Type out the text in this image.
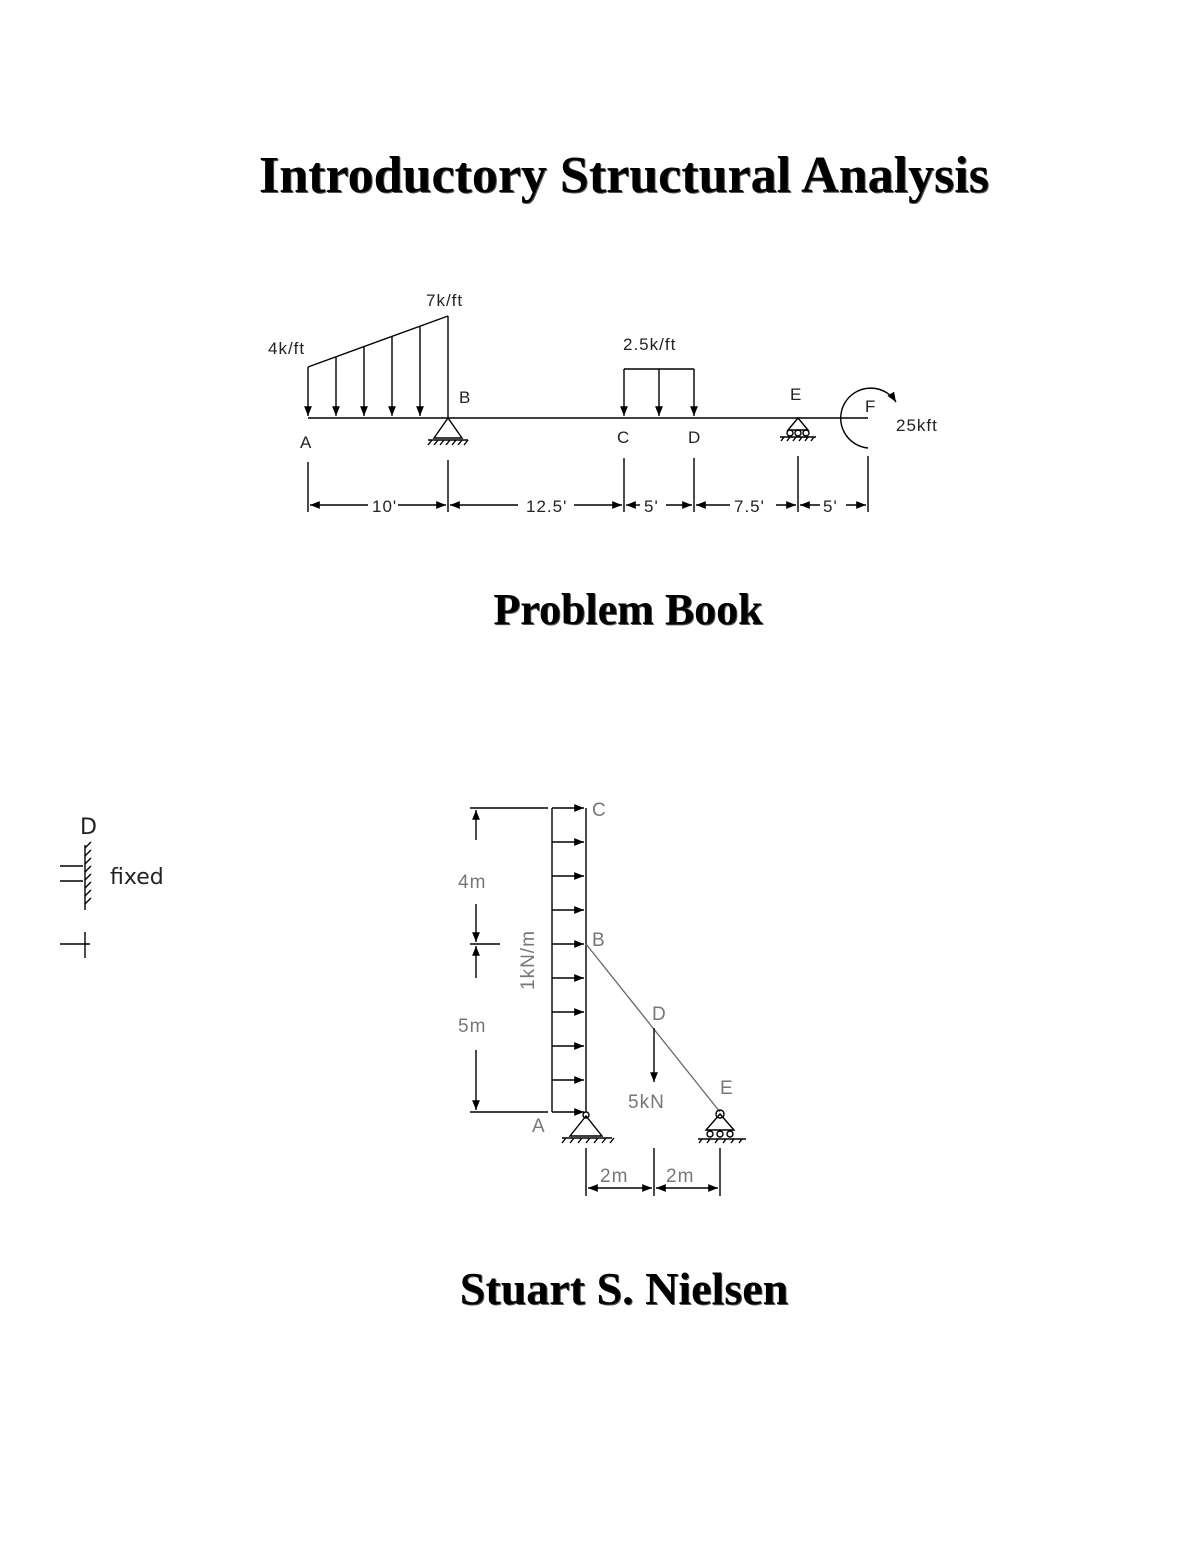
Introductory Structural Analysis
4k/ft
7k/ft
2.5k/ft
25kft
A
B
C	D
E
F
10'	12.5'	5'	7.5'	5'
Problem Book
D
fixed
1kN/m
5kN
C
B
D
E
A
4m
5m
2m 2m
Stuart S. Nielsen
